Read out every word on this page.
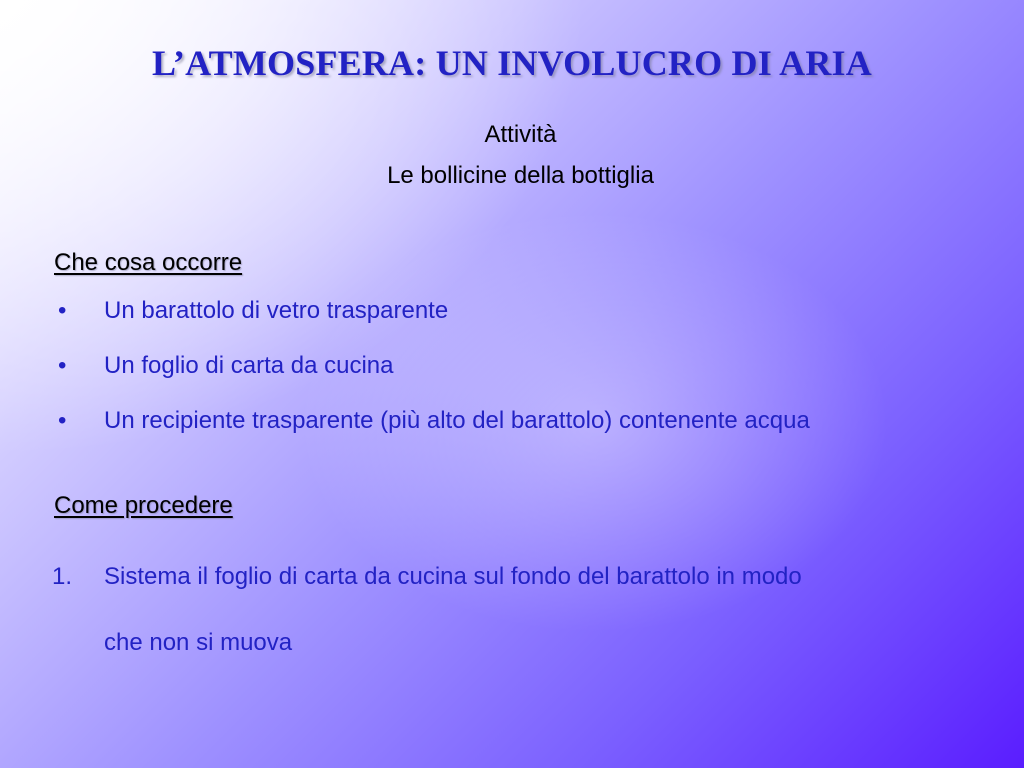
L’ATMOSFERA: UN INVOLUCRO DI ARIA
Attività
Le bollicine della bottiglia
Che cosa occorre
• Un barattolo di vetro trasparente
• Un foglio di carta da cucina
• Un recipiente trasparente (più alto del barattolo) contenente acqua
Come procedere
1. Sistema il foglio di carta da cucina sul fondo del barattolo in modo
che non si muova
